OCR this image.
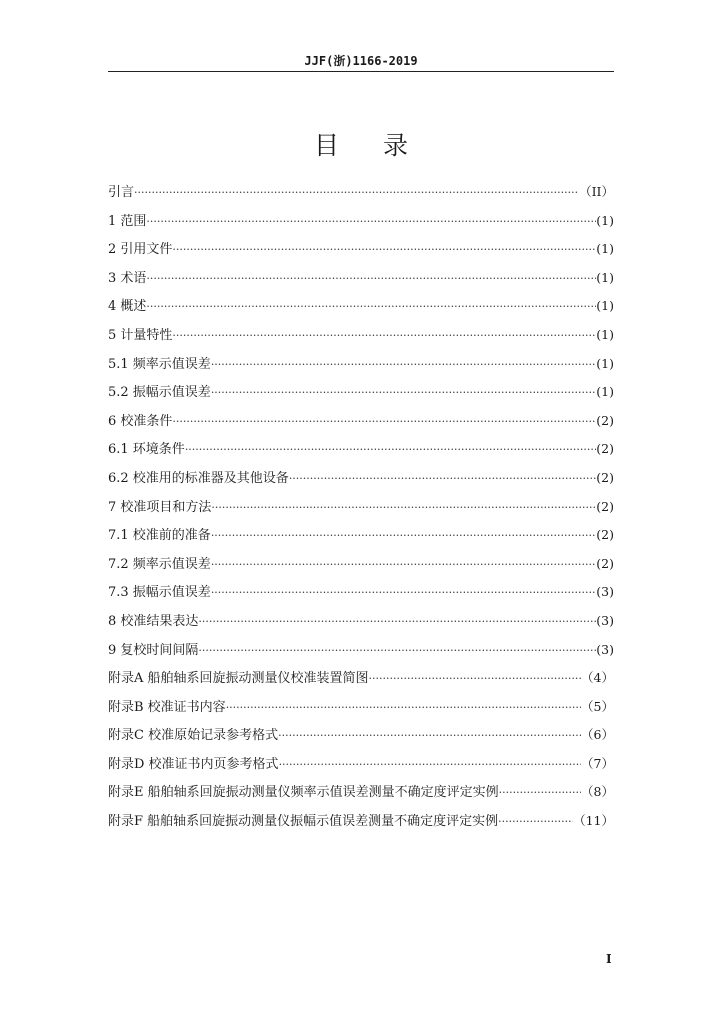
JJF(浙)1166-2019
目 录
引言 ·····	（II）
1 范围 ·····	(1)
2 引用文件 ·····	(1)
3 术语 ·····	(1)
4 概述 ·····	(1)
5 计量特性 ·····	(1)
5.1 频率示值误差 ·····	(1)
5.2 振幅示值误差 ·····	(1)
6 校准条件 ·····	(2)
6.1 环境条件 ·····	(2)
6.2 校准用的标准器及其他设备 ·····	(2)
7 校准项目和方法 ·····	(2)
7.1 校准前的准备 ·····	(2)
7.2 频率示值误差 ·····	(2)
7.3 振幅示值误差 ·····	(3)
8 校准结果表达 ·····	(3)
9 复校时间间隔 ·····	(3)
附录A 船舶轴系回旋振动测量仪校准装置简图 ·····	（4）
附录B 校准证书内容 ·····	（5）
附录C 校准原始记录参考格式 ·····	（6）
附录D 校准证书内页参考格式 ·····	（7）
附录E 船舶轴系回旋振动测量仪频率示值误差测量不确定度评定实例 ·····	（8）
附录F 船舶轴系回旋振动测量仪振幅示值误差测量不确定度评定实例 ·····	（11）
I
